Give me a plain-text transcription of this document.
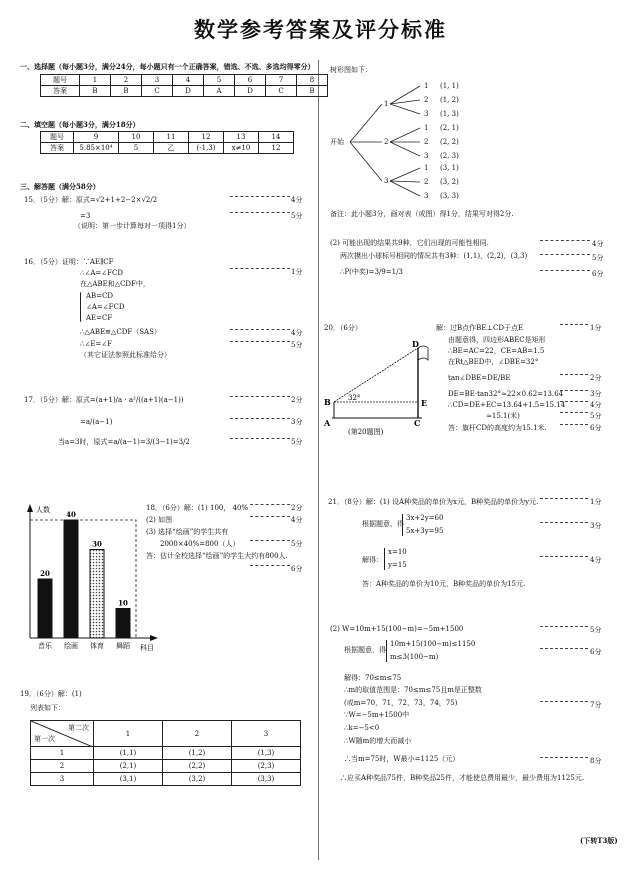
数学参考答案及评分标准
一、选择题（每小题3分，满分24分，每小题只有一个正确答案，错选、不选、多选均得零分）
题号	1	2	3	4	5	6	7	8
答案	B	B	C	D	A	D	C	B
二、填空题（每小题3分，满分18分）
题号	9	10	11	12	13	14
答案	5.85×10⁴	5	乙	(-1,3)	x≠10	12
三、解答题（满分58分）
15．（5分）解：原式=√2+1+2−2×√2/2
=3
（说明：第一步计算每对一项得1分）
4分
5分
16．（5分）证明：∵AE∥CF
∴∠A=∠FCD
在△ABE和△CDF中，
AB=CD
∠A=∠FCD
AE=CF
∴△ABE≌△CDF（SAS）
∴∠E=∠F
（其它证法参照此标准给分）
1分
4分
5分
17．（5分）解：原式=(a+1)/a · a²/((a+1)(a−1))
=a/(a−1)
当a=3时，原式=a/(a−1)=3/(3−1)=3/2
2分
3分
5分
人数
科目
20
音乐
40
绘画
30
体育
10
舞蹈
18．（6分）解：(1) 100， 40%
(2) 如图
(3) 选择“绘画”的学生共有
2000×40%=800（人）
答：估计全校选择“绘画”的学生大约有800人.
2分
4分
5分
6分
19．（6分）解：(1)
列表如下：
第二次
第一次	1	2	3
1	(1,1)	(1,2)	(1,3)
2	(2,1)	(2,2)	(2,3)
3	(3,1)	(3,2)	(3,3)
树形图如下：
开始
1
2
3
1 (1, 1)
2 (1, 2)
3 (1, 3)
1 (2, 1)
2 (2, 2)
3 (2, 3)
1 (3, 1)
2 (3, 2)
3 (3, 3)
备注：此小题3分，画对表（或图）得1分，结果写对得2分.
(2) 可能出现的结果共9种，它们出现的可能性相同.
两次摸出小球标号相同的情况共有3种：(1,1)，(2,2)，(3,3)
∴P(中奖)=3/9=1/3
4分
5分
6分
20．（6分）	解：过B点作BE⊥CD于点E
由题意得，四边形ABEC是矩形
∴BE=AC=22，CE=AB=1.5
在Rt△BED中，∠DBE=32°
tan∠DBE=DE/BE
DE=BE·tan32°≈22×0.62=13.64
∴CD=DE+EC=13.64+1.5=15.14
≈15.1(米)
答：旗杆CD的高度约为15.1米.
1分
2分
3分
4分
5分
6分
32°
D
B	E
A	C
(第20题图)
21．（8分）解：(1) 设A种奖品的单价为x元，B种奖品的单价为y元.
根据题意，得
3x+2y=60
5x+3y=95
解得：
x=10
y=15
答：A种奖品的单价为10元，B种奖品的单价为15元.
1分
3分
4分
(2) W=10m+15(100−m)=−5m+1500
根据题意，得
10m+15(100−m)≤1150
m≤3(100−m)
解得：70≤m≤75
∴m的取值范围是：70≤m≤75且m是正整数
(或m=70，71，72，73，74，75)
∵W=−5m+1500中
∴k=−5<0
∴W随m的增大而减小
∴当m=75时，W最小=1125（元）
∴应买A种奖品75件，B种奖品25件，才能使总费用最少，最少费用为1125元.
5分
6分
7分
8分
(下转T3版)
